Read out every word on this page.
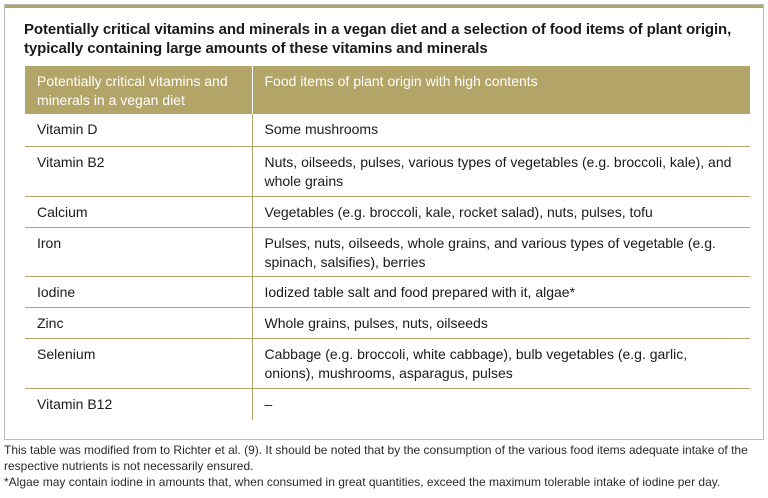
Potentially critical vitamins and minerals in a vegan diet and a selection of food items of plant origin, typically containing large amounts of these vitamins and minerals
Potentially critical vitamins and minerals in a vegan diet	Food items of plant origin with high contents
Vitamin D	Some mushrooms
Vitamin B2	Nuts, oilseeds, pulses, various types of vegetables (e.g. broccoli, kale), and whole grains
Calcium	Vegetables (e.g. broccoli, kale, rocket salad), nuts, pulses, tofu
Iron	Pulses, nuts, oilseeds, whole grains, and various types of vegetable (e.g. spinach, salsifies), berries
Iodine	Iodized table salt and food prepared with it, algae*
Zinc	Whole grains, pulses, nuts, oilseeds
Selenium	Cabbage (e.g. broccoli, white cabbage), bulb vegetables (e.g. garlic, onions), mushrooms, asparagus, pulses
Vitamin B12	–

This table was modified from to Richter et al. (9). It should be noted that by the consumption of the various food items adequate intake of the respective nutrients is not necessarily ensured.

*Algae may contain iodine in amounts that, when consumed in great quantities, exceed the maximum tolerable intake of iodine per day.
